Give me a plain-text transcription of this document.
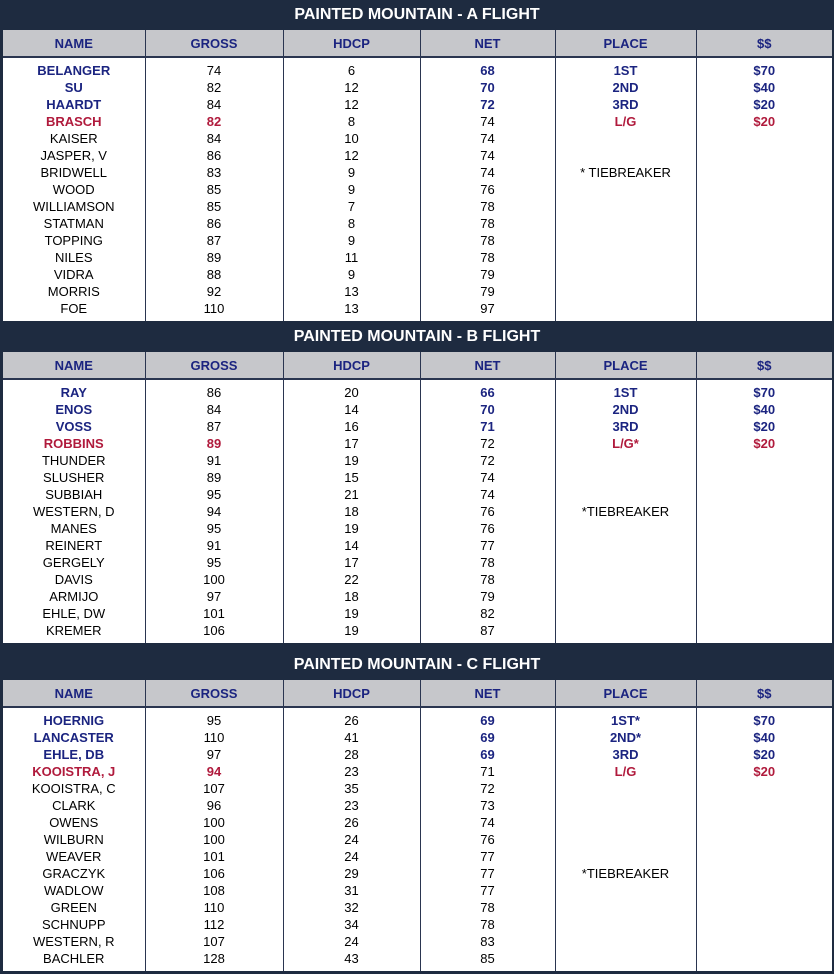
PAINTED MOUNTAIN - A FLIGHT
NAME	GROSS	HDCP	NET	PLACE	$$

BELANGER	74	6	68	1ST	$70
SU	82	12	70	2ND	$40
HAARDT	84	12	72	3RD	$20
BRASCH	82	8	74	L/G	$20
KAISER	84	10	74		
JASPER, V	86	12	74		
BRIDWELL	83	9	74	* TIEBREAKER	
WOOD	85	9	76		
WILLIAMSON	85	7	78		
STATMAN	86	8	78		
TOPPING	87	9	78		
NILES	89	11	78		
VIDRA	88	9	79		
MORRIS	92	13	79		
FOE	110	13	97		

PAINTED MOUNTAIN - B FLIGHT
NAME	GROSS	HDCP	NET	PLACE	$$

RAY	86	20	66	1ST	$70
ENOS	84	14	70	2ND	$40
VOSS	87	16	71	3RD	$20
ROBBINS	89	17	72	L/G*	$20
THUNDER	91	19	72		
SLUSHER	89	15	74		
SUBBIAH	95	21	74		
WESTERN, D	94	18	76	*TIEBREAKER	
MANES	95	19	76		
REINERT	91	14	77		
GERGELY	95	17	78		
DAVIS	100	22	78		
ARMIJO	97	18	79		
EHLE, DW	101	19	82		
KREMER	106	19	87		

PAINTED MOUNTAIN - C FLIGHT
NAME	GROSS	HDCP	NET	PLACE	$$

HOERNIG	95	26	69	1ST*	$70
LANCASTER	110	41	69	2ND*	$40
EHLE, DB	97	28	69	3RD	$20
KOOISTRA, J	94	23	71	L/G	$20
KOOISTRA, C	107	35	72		
CLARK	96	23	73		
OWENS	100	26	74		
WILBURN	100	24	76		
WEAVER	101	24	77		
GRACZYK	106	29	77	*TIEBREAKER	
WADLOW	108	31	77		
GREEN	110	32	78		
SCHNUPP	112	34	78		
WESTERN, R	107	24	83		
BACHLER	128	43	85		
